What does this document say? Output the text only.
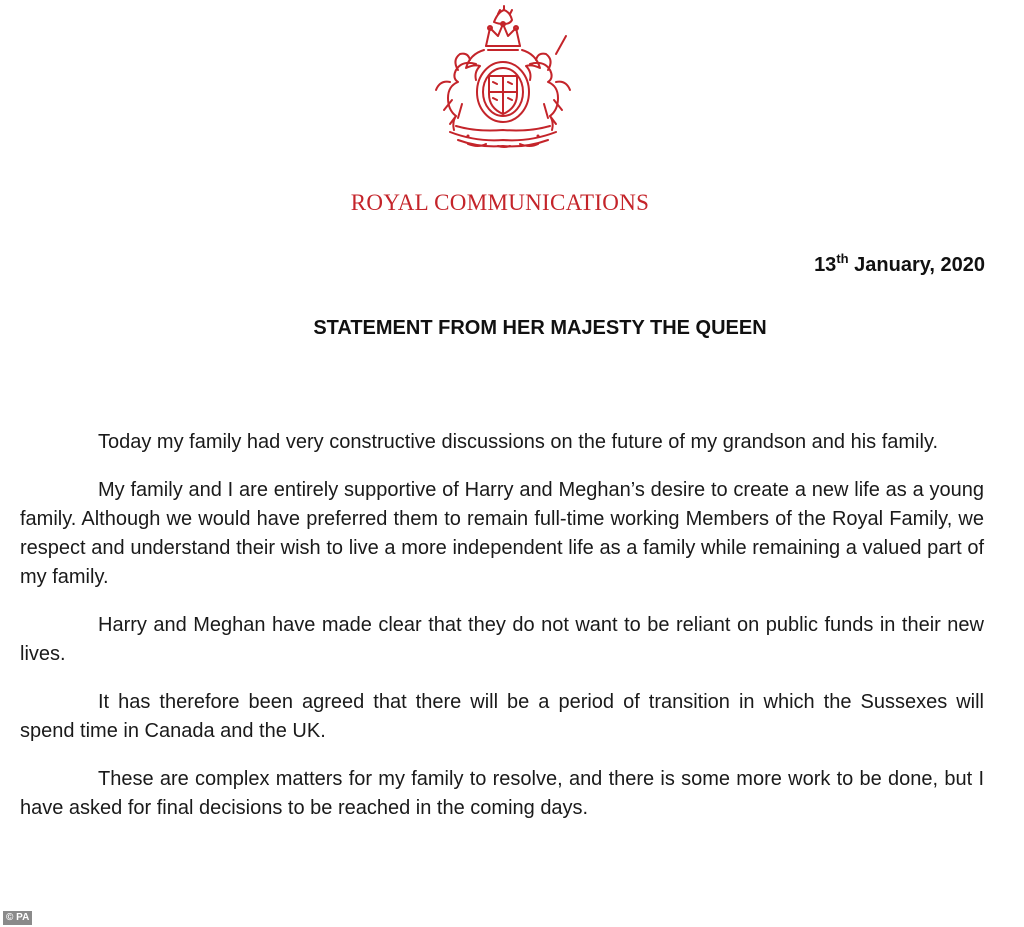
ROYAL COMMUNICATIONS
13th January, 2020
STATEMENT FROM HER MAJESTY THE QUEEN

Today my family had very constructive discussions on the future of my grandson and his family.

My family and I are entirely supportive of Harry and Meghan’s desire to create a new life as a young family. Although we would have preferred them to remain full-time working Members of the Royal Family, we respect and understand their wish to live a more independent life as a family while remaining a valued part of my family.

Harry and Meghan have made clear that they do not want to be reliant on public funds in their new lives.

It has therefore been agreed that there will be a period of transition in which the Sussexes will spend time in Canada and the UK.

These are complex matters for my family to resolve, and there is some more work to be done, but I have asked for final decisions to be reached in the coming days.

© PA
